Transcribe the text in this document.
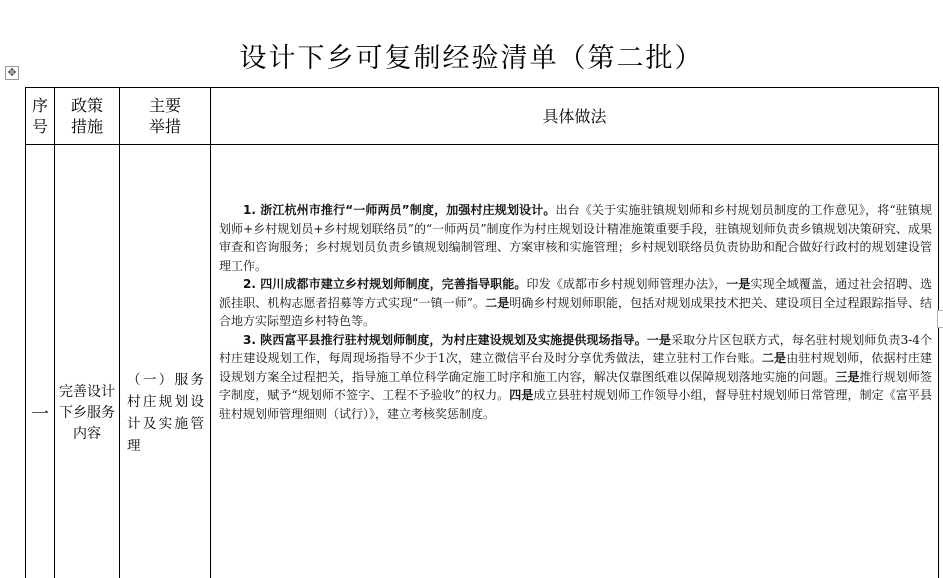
设计下乡可复制经验清单（第二批）
✥
序号	政策措施	主要举措	具体做法
一	完善设计下乡服务内容	（一）服务村庄规划设计及实施管理	1. 浙江杭州市推行“一师两员”制度，加强村庄规划设计。出台《关于实施驻镇规划师和乡村规划员制度的工作意见》，将“驻镇规划师+乡村规划员+乡村规划联络员”的“一师两员”制度作为村庄规划设计精准施策重要手段，驻镇规划师负责乡镇规划决策研究、成果审查和咨询服务；乡村规划员负责乡镇规划编制管理、方案审核和实施管理；乡村规划联络员负责协助和配合做好行政村的规划建设管理工作。

2. 四川成都市建立乡村规划师制度，完善指导职能。印发《成都市乡村规划师管理办法》，一是实现全域覆盖，通过社会招聘、选派挂职、机构志愿者招募等方式实现“一镇一师”。二是明确乡村规划师职能，包括对规划成果技术把关、建设项目全过程跟踪指导、结合地方实际塑造乡村特色等。

3. 陕西富平县推行驻村规划师制度，为村庄建设规划及实施提供现场指导。一是采取分片区包联方式，每名驻村规划师负责3-4个村庄建设规划工作，每周现场指导不少于1次，建立微信平台及时分享优秀做法，建立驻村工作台账。二是由驻村规划师，依据村庄建设规划方案全过程把关，指导施工单位科学确定施工时序和施工内容，解决仅靠图纸难以保障规划落地实施的问题。三是推行规划师签字制度，赋予“规划师不签字、工程不予验收”的权力。四是成立县驻村规划师工作领导小组，督导驻村规划师日常管理，制定《富平县驻村规划师管理细则（试行）》，建立考核奖惩制度。
